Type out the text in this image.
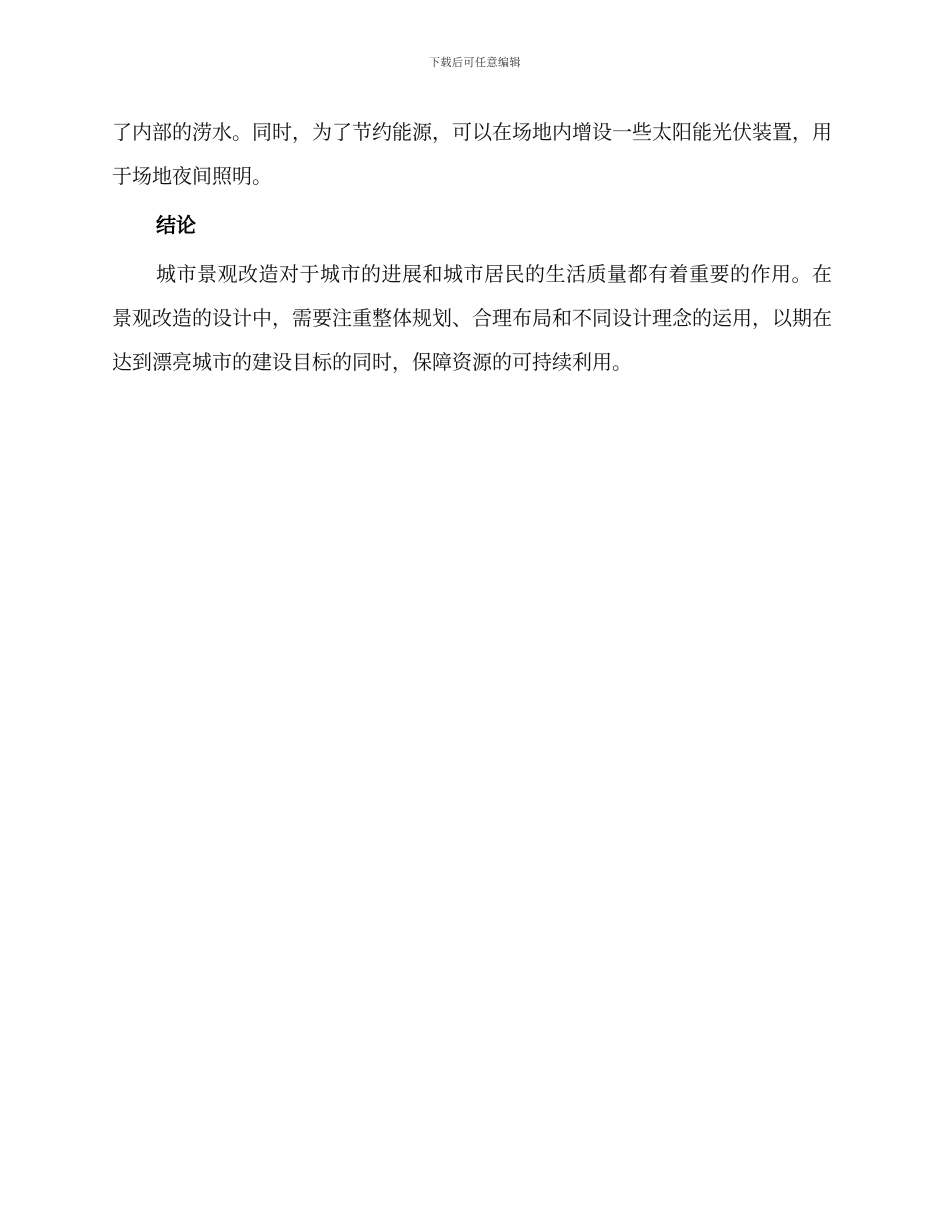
下载后可任意编辑

了内部的涝水。同时，为了节约能源，可以在场地内增设一些太阳能光伏装置，用于场地夜间照明。

结论

城市景观改造对于城市的进展和城市居民的生活质量都有着重要的作用。在景观改造的设计中，需要注重整体规划、合理布局和不同设计理念的运用，以期在达到漂亮城市的建设目标的同时，保障资源的可持续利用。
